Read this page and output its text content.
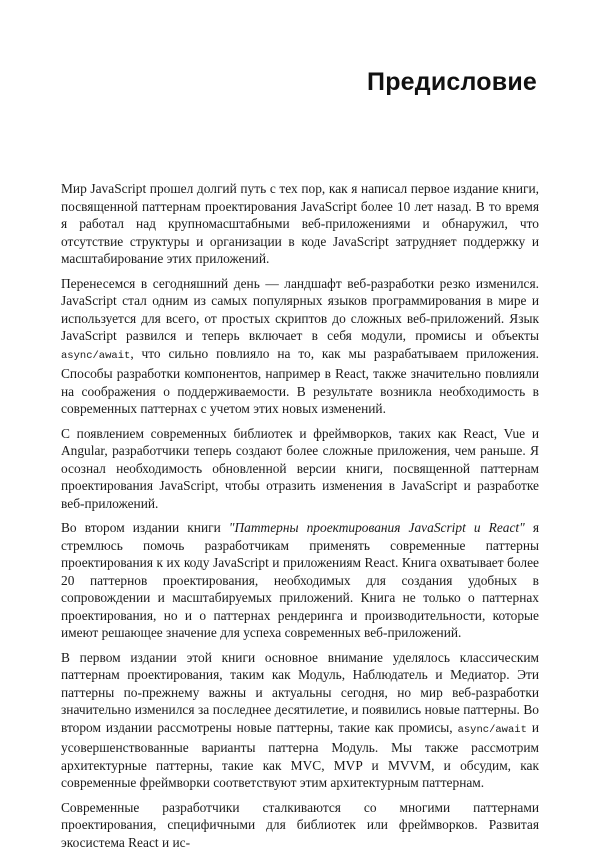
Предисловие

Мир JavaScript прошел долгий путь с тех пор, как я написал первое издание книги, посвященной паттернам проектирования JavaScript более 10 лет назад. В то время я работал над крупномасштабными веб-приложениями и обнаружил, что отсутствие структуры и организации в коде JavaScript затрудняет поддержку и масштабирование этих приложений.

Перенесемся в сегодняшний день — ландшафт веб-разработки резко изменился. JavaScript стал одним из самых популярных языков программирования в мире и используется для всего, от простых скриптов до сложных веб-приложений. Язык JavaScript развился и теперь включает в себя модули, промисы и объекты async/await, что сильно повлияло на то, как мы разрабатываем приложения. Способы разработки компонентов, например в React, также значительно повлияли на соображения о поддерживаемости. В результате возникла необходимость в современных паттернах с учетом этих новых изменений.

С появлением современных библиотек и фреймворков, таких как React, Vue и Angular, разработчики теперь создают более сложные приложения, чем раньше. Я осознал необходимость обновленной версии книги, посвященной паттернам проектирования JavaScript, чтобы отразить изменения в JavaScript и разработке веб-приложений.

Во втором издании книги "Паттерны проектирования JavaScript и React" я стремлюсь помочь разработчикам применять современные паттерны проектирования к их коду JavaScript и приложениям React. Книга охватывает более 20 паттернов проектирования, необходимых для создания удобных в сопровождении и масштабируемых приложений. Книга не только о паттернах проектирования, но и о паттернах рендеринга и производительности, которые имеют решающее значение для успеха современных веб-приложений.

В первом издании этой книги основное внимание уделялось классическим паттернам проектирования, таким как Модуль, Наблюдатель и Медиатор. Эти паттерны по-прежнему важны и актуальны сегодня, но мир веб-разработки значительно изменился за последнее десятилетие, и появились новые паттерны. Во втором издании рассмотрены новые паттерны, такие как промисы, async/await и усовершенствованные варианты паттерна Модуль. Мы также рассмотрим архитектурные паттерны, такие как MVC, MVP и MVVM, и обсудим, как современные фреймворки соответствуют этим архитектурным паттернам.

Современные разработчики сталкиваются со многими паттернами проектирования, специфичными для библиотек или фреймворков. Развитая экосистема React и ис-
